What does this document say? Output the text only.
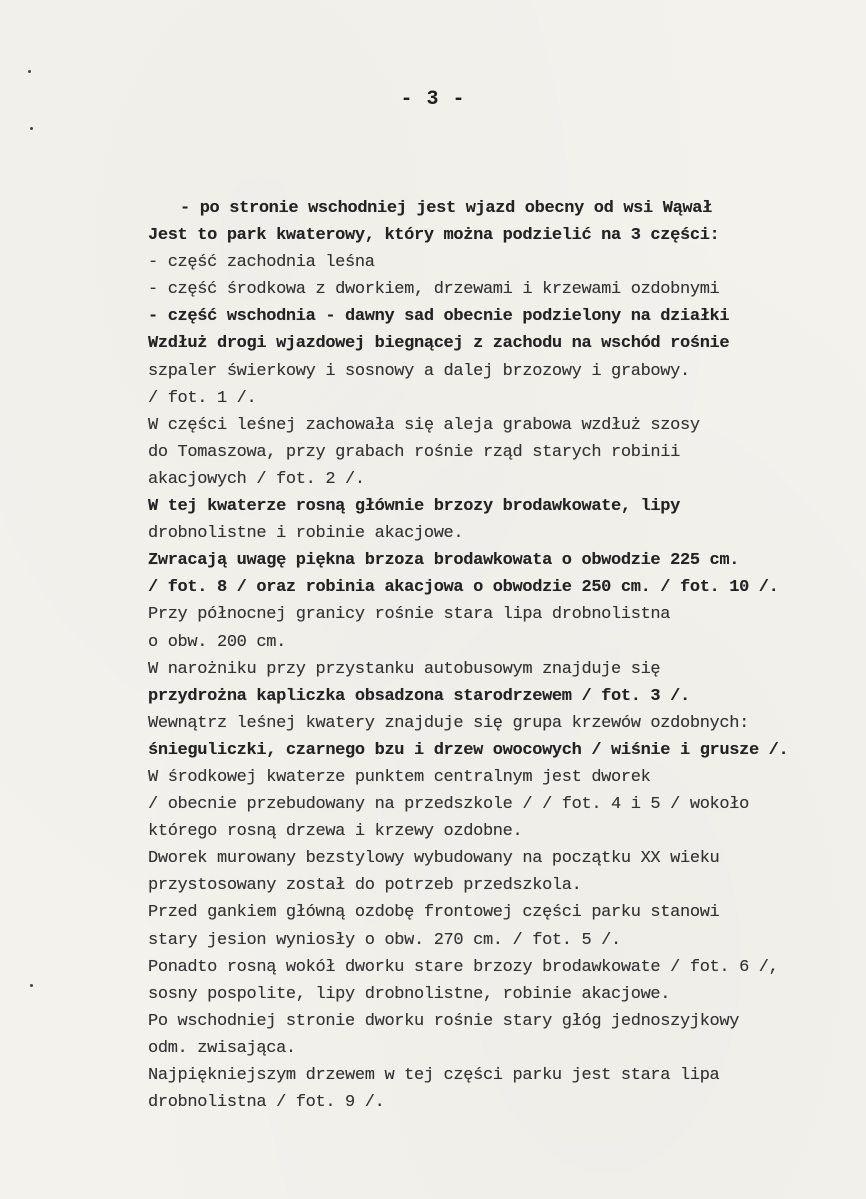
- 3 -
- po stronie wschodniej jest wjazd obecny od wsi Wąwał
Jest to park kwaterowy, który można podzielić na 3 części:
- część zachodnia leśna
- część środkowa z dworkiem, drzewami i krzewami ozdobnymi
- część wschodnia - dawny sad obecnie podzielony na działki
Wzdłuż drogi wjazdowej biegnącej z zachodu na wschód rośnie
szpaler świerkowy i sosnowy a dalej brzozowy i grabowy.
/ fot. 1 /.
W części leśnej zachowała się aleja grabowa wzdłuż szosy
do Tomaszowa, przy grabach rośnie rząd starych robinii
akacjowych / fot. 2 /.
W tej kwaterze rosną głównie brzozy brodawkowate, lipy
drobnolistne i robinie akacjowe.
Zwracają uwagę piękna brzoza brodawkowata o obwodzie 225 cm.
/ fot. 8 / oraz robinia akacjowa o obwodzie 250 cm. / fot. 10 /.
Przy północnej granicy rośnie stara lipa drobnolistna
o obw. 200 cm.
W narożniku przy przystanku autobusowym znajduje się
przydrożna kapliczka obsadzona starodrzewem / fot. 3 /.
Wewnątrz leśnej kwatery znajduje się grupa krzewów ozdobnych:
śnieguliczki, czarnego bzu i drzew owocowych / wiśnie i grusze /.
W środkowej kwaterze punktem centralnym jest dworek
/ obecnie przebudowany na przedszkole / / fot. 4 i 5 / wokoło
którego rosną drzewa i krzewy ozdobne.
Dworek murowany bezstylowy wybudowany na początku XX wieku
przystosowany został do potrzeb przedszkola.
Przed gankiem główną ozdobę frontowej części parku stanowi
stary jesion wyniosły o obw. 270 cm. / fot. 5 /.
Ponadto rosną wokół dworku stare brzozy brodawkowate / fot. 6 /,
sosny pospolite, lipy drobnolistne, robinie akacjowe.
Po wschodniej stronie dworku rośnie stary głóg jednoszyjkowy
odm. zwisająca.
Najpiękniejszym drzewem w tej części parku jest stara lipa
drobnolistna / fot. 9 /.
